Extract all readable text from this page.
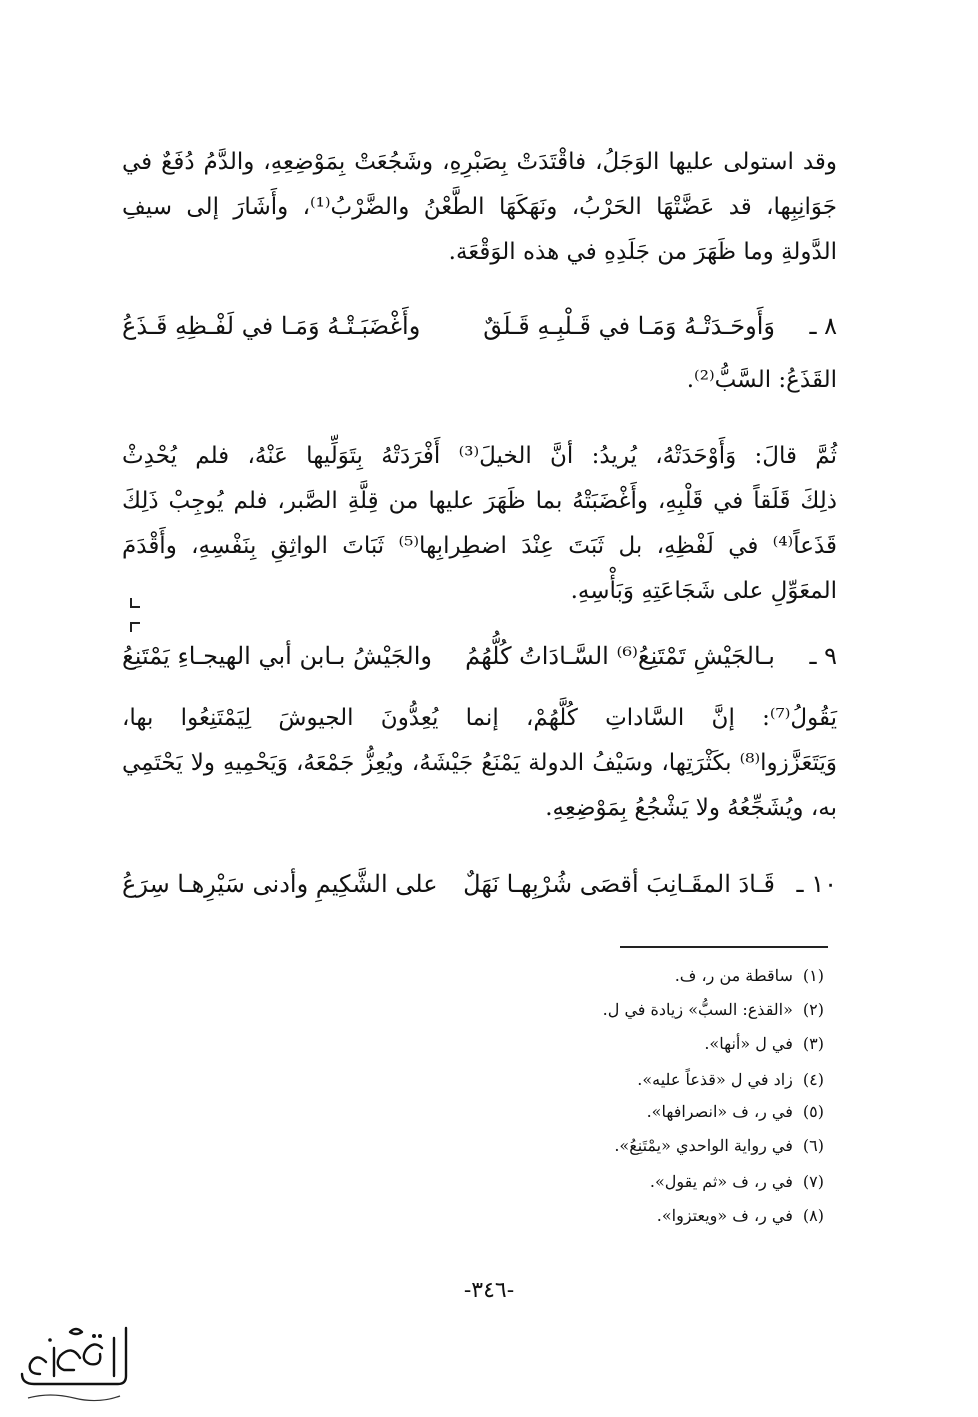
وقد استولى عليها الوَجَلُ، فاقْتَدَتْ بِصَبْرِهِ، وشَجُعَتْ بِمَوْضِعِهِ، والدَّمُ دُفَعٌ في
جَوَانِبِها، قد عَضَّتْهَا الحَرْبُ، ونَهَكَهَا الطَّعْنُ والضَّرْبُ⁽¹⁾، وأَشَارَ إلى سيفِ
الدَّولةِ وما ظَهَرَ من جَلَدِهِ في هذه الوَقْعَة.
٨ ـ
وَأَوحَـدَتْـهُ وَمَـا في قَـلْبِـهِ قَـلَقٌ
وأَغْضَبَـتْـهُ وَمَـا في لَفْـظِهِ قَـذَعُ
القَذَعُ: السَّبُّ⁽²⁾.
ثُمَّ قالَ: وَأَوْحَدَتْهُ، يُريدُ: أنَّ الخيلَ⁽³⁾ أَفْرَدَتْهُ بِتَوَلِّيها عَنْهُ، فلم يُحْدِثْ
ذلِكَ قَلَقاً في قَلْبِهِ، وأَغْضَبَتْهُ بما ظَهَرَ عليها من قِلَّةِ الصَّبر، فلم يُوجِبْ ذَلِكَ
قَذَعاً⁽⁴⁾ في لَفْظِهِ، بل ثَبَتَ عِنْدَ اضطِرابِها⁽⁵⁾ ثَبَاتَ الواثِقِ بِنَفْسِهِ، وأَقْدَمَ
المعَوِّلِ على شَجَاعَتِهِ وَبَأْسِهِ.
٩ ـ
بـالجَيْشِ تَمْتَنِعُ⁽⁶⁾ السَّـادَاتُ كُلُّهُمُ
والجَيْشُ بـابن أبي الهيجـاءِ يَمْتَنِعُ
يَقُولُ⁽⁷⁾: إنَّ السَّاداتِ كُلَّهُمْ، إنما يُعِدُّونَ الجيوشَ لِيَمْتَنِعُوا بها،
وَيَتَعَزَّزوا⁽⁸⁾ بكَثْرَتِها، وسَيْفُ الدولة يَمْنَعُ جَيْشَهُ، ويُعِزُّ جَمْعَهُ، وَيَحْمِيهِ ولا يَحْتَمِي
به، ويُشَجِّعُهُ ولا يَشْجُعُ بِمَوْضِعِهِ.
١٠ ـ
قَـادَ المقَـانِبَ أقصَى شُرْبِهـا نَهَلٌ
على الشَّكِيمِ وأدنى سَيْرِهـا سِرَعُ
(١) ساقطة من ر، ف.
(٢) «القذع: السبُّ» زيادة في ل.
(٣) في ل «أنها».
(٤) زاد في ل «قذعاً عليه».
(٥) في ر، ف «انصرافها».
(٦) في رواية الواحدي «يمْتَنِعُ».
(٧) في ر، ف «ثم يقول».
(٨) في ر، ف «ويعتزوا».
-٣٤٦-
